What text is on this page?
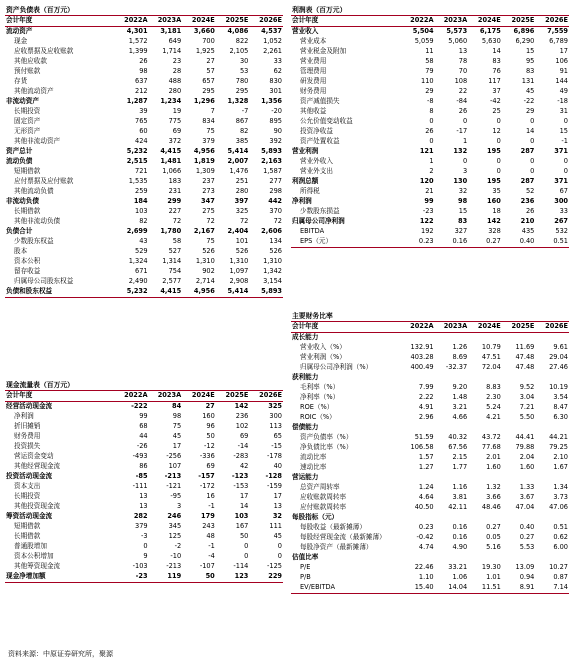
资产负债表（百万元）
会计年度	2022A	2023A	2024E	2025E	2026E
流动资产	4,301	3,181	3,660	4,086	4,537
现金	1,572	649	700	822	1,052
应收票据及应收账款	1,399	1,714	1,925	2,105	2,261
其他应收款	26	23	27	30	33
预付账款	98	28	57	53	62
存货	637	488	657	780	830
其他流动资产	212	280	295	295	301
非流动资产	1,287	1,234	1,296	1,328	1,356
长期投资	39	19	7	-7	-20
固定资产	765	775	834	867	895
无形资产	60	69	75	82	90
其他非流动资产	424	372	379	385	392
资产总计	5,232	4,415	4,956	5,414	5,893
流动负债	2,515	1,481	1,819	2,007	2,163
短期借款	721	1,066	1,309	1,476	1,587
应付票据及应付账款	1,535	183	237	251	277
其他流动负债	259	231	273	280	298
非流动负债	184	299	347	397	442
长期借款	103	227	275	325	370
其他非流动负债	82	72	72	72	72
负债合计	2,699	1,780	2,167	2,404	2,606
少数股东权益	43	58	75	101	134
股本	529	527	526	526	526
资本公积	1,324	1,314	1,310	1,310	1,310
留存收益	671	754	902	1,097	1,342
归属母公司股东权益	2,490	2,577	2,714	2,908	3,154
负债和股东权益	5,232	4,415	4,956	5,414	5,893
利润表（百万元）
会计年度	2022A	2023A	2024E	2025E	2026E
营业收入	5,504	5,573	6,175	6,896	7,559
营业成本	5,059	5,060	5,630	6,290	6,789
营业税金及附加	11	13	14	15	17
营业费用	58	78	83	95	106
管理费用	79	70	76	83	91
研发费用	110	108	117	131	144
财务费用	29	22	37	45	49
资产减值损失	-8	-84	-42	-22	-18
其他收益	8	26	25	29	31
公允价值变动收益	0	0	0	0	0
投资净收益	26	-17	12	14	15
资产处置收益	0	1	0	0	-1
营业利润	121	132	195	287	371
营业外收入	1	0	0	0	0
营业外支出	2	3	0	0	0
利润总额	120	130	195	287	371
所得税	21	32	35	52	67
净利润	99	98	160	236	300
少数股东损益	-23	15	18	26	33
归属母公司净利润	122	83	142	210	267
EBITDA	192	327	328	435	532
EPS（元）	0.23	0.16	0.27	0.40	0.51
主要财务比率
会计年度	2022A	2023A	2024E	2025E	2026E
成长能力					
营业收入（%）	132.91	1.26	10.79	11.69	9.61
营业利润（%）	403.28	8.69	47.51	47.48	29.04
归属母公司净利润（%）	400.49	-32.37	72.04	47.48	27.46
获利能力					
毛利率（%）	7.99	9.20	8.83	9.52	10.19
净利率（%）	2.22	1.48	2.30	3.04	3.54
ROE（%）	4.91	3.21	5.24	7.21	8.47
ROIC（%）	2.96	4.66	4.21	5.50	6.30
偿债能力					
资产负债率（%）	51.59	40.32	43.72	44.41	44.21
净负债比率（%）	106.58	67.56	77.68	79.88	79.25
流动比率	1.57	2.15	2.01	2.04	2.10
速动比率	1.27	1.77	1.60	1.60	1.67
营运能力					
总资产周转率	1.24	1.16	1.32	1.33	1.34
应收账款周转率	4.64	3.81	3.66	3.67	3.73
应付账款周转率	40.50	42.11	48.46	47.04	47.06
每股指标（元）					
每股收益（最新摊薄）	0.23	0.16	0.27	0.40	0.51
每股经营现金流（最新摊薄）	-0.42	0.16	0.05	0.27	0.62
每股净资产（最新摊薄）	4.74	4.90	5.16	5.53	6.00
估值比率					
P/E	22.46	33.21	19.30	13.09	10.27
P/B	1.10	1.06	1.01	0.94	0.87
EV/EBITDA	15.40	14.04	11.51	8.91	7.14
现金流量表（百万元）
会计年度	2022A	2023A	2024E	2025E	2026E
经营活动现金流	-222	84	27	142	325
净利润	99	98	160	236	300
折旧摊销	68	75	96	102	113
财务费用	44	45	50	69	65
投资损失	-26	17	-12	-14	-15
营运资金变动	-493	-256	-336	-283	-178
其他经营现金流	86	107	69	42	40
投资活动现金流	-85	-213	-157	-123	-128
资本支出	-111	-121	-172	-153	-159
长期投资	13	-95	16	17	17
其他投资现金流	13	3	-1	14	13
筹资活动现金流	282	246	179	103	32
短期借款	379	345	243	167	111
长期借款	-3	125	48	50	45
普通股增加	0	-2	-1	0	0
资本公积增加	9	-10	-4	0	0
其他筹资现金流	-103	-213	-107	-114	-125
现金净增加额	-23	119	50	123	229
资料来源：中原证券研究所，聚源
